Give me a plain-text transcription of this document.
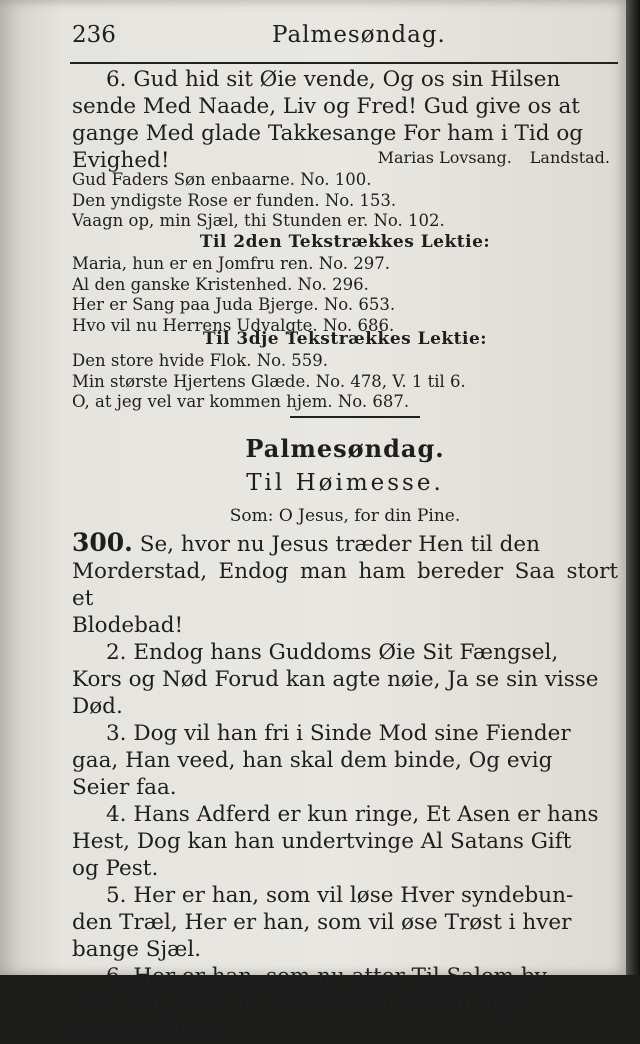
236	Palmesøndag.

6. Gud hid sit Øie vende, Og os sin Hilsen

sende Med Naade, Liv og Fred! Gud give os at

gange Med glade Takkesange For ham i Tid og

Evighed!	Marias Lovsang. Landstad.

Gud Faders Søn enbaarne. No. 100.

Den yndigste Rose er funden. No. 153.

Vaagn op, min Sjæl, thi Stunden er. No. 102.

Til 2den Tekstrækkes Lektie:

Maria, hun er en Jomfru ren. No. 297.

Al den ganske Kristenhed. No. 296.

Her er Sang paa Juda Bjerge. No. 653.

Hvo vil nu Herrens Udvalgte. No. 686.

Til 3dje Tekstrækkes Lektie:

Den store hvide Flok. No. 559.

Min største Hjertens Glæde. No. 478, V. 1 til 6.

O, at jeg vel var kommen hjem. No. 687.

Palmesøndag.

Til Høimesse.

Som: O Jesus, for din Pine.

300. Se, hvor nu Jesus træder Hen til den

Morderstad, Endog man ham bereder Saa stort et

Blodebad!

2. Endog hans Guddoms Øie Sit Fængsel,

Kors og Nød Forud kan agte nøie, Ja se sin visse

Død.

3. Dog vil han fri i Sinde Mod sine Fiender

gaa, Han veed, han skal dem binde, Og evig

Seier faa.

4. Hans Adferd er kun ringe, Et Asen er hans

Hest, Dog kan han undertvinge Al Satans Gift

og Pest.

5. Her er han, som vil løse Hver syndebun-

den Træl, Her er han, som vil øse Trøst i hver

bange Sjæl.

6. Her er han, som nu atter Til Salem by-

der Fred, Gak ud, o Zions Datter, Og dig i

hannem glæd!
